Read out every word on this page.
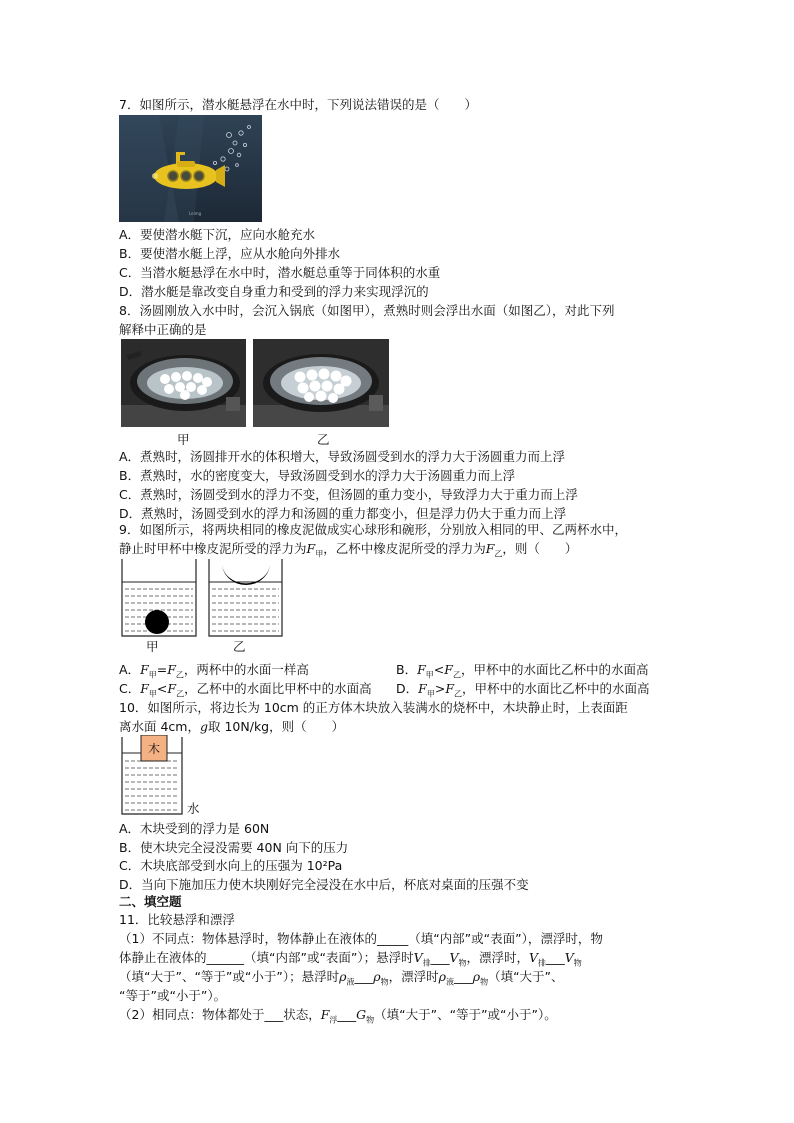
7．如图所示，潜水艇悬浮在水中时，下列说法错误的是（　　）
Leimg
A．要使潜水艇下沉，应向水舱充水
B．要使潜水艇上浮，应从水舱向外排水
C．当潜水艇悬浮在水中时，潜水艇总重等于同体积的水重
D．潜水艇是靠改变自身重力和受到的浮力来实现浮沉的
8．汤圆刚放入水中时，会沉入锅底（如图甲），煮熟时则会浮出水面（如图乙），对此下列
解释中正确的是
甲	乙
A．煮熟时，汤圆排开水的体积增大，导致汤圆受到水的浮力大于汤圆重力而上浮
B．煮熟时，水的密度变大，导致汤圆受到水的浮力大于汤圆重力而上浮
C．煮熟时，汤圆受到水的浮力不变，但汤圆的重力变小，导致浮力大于重力而上浮
D．煮熟时，汤圆受到水的浮力和汤圆的重力都变小，但是浮力仍大于重力而上浮
9．如图所示，将两块相同的橡皮泥做成实心球形和碗形，分别放入相同的甲、乙两杯水中，
静止时甲杯中橡皮泥所受的浮力为$F_甲$，乙杯中橡皮泥所受的浮力为$F_乙$，则（　　）
甲	乙
A．$F_甲=F_乙$，两杯中的水面一样高	B．$F_甲<F_乙$，甲杯中的水面比乙杯中的水面高
C．$F_甲<F_乙$，乙杯中的水面比甲杯中的水面高 D．$F_甲>F_乙$，甲杯中的水面比乙杯中的水面高
10．如图所示，将边长为 10cm 的正方体木块放入装满水的烧杯中，木块静止时，上表面距
离水面 4cm，g取 10N/kg，则（　　）
木
水
A．木块受到的浮力是 60N
B．使木块完全浸没需要 40N 向下的压力
C．木块底部受到水向上的压强为 10²Pa
D．当向下施加压力使木块刚好完全浸没在水中后，杯底对桌面的压强不变
二、填空题
11．比较悬浮和漂浮
（1）不同点：物体悬浮时，物体静止在液体的_____（填“内部”或“表面”），漂浮时，物
体静止在液体的______（填“内部”或“表面”）；悬浮时$V_排\_\_\_V_物$，漂浮时，$V_排\_\_\_V_物$
（填“大于”、“等于”或“小于”）；悬浮时$\rho_液\_\_\_\rho_物$，漂浮时$\rho_液\_\_\_\rho_物$（填“大于”、
“等于”或“小于”）。
（2）相同点：物体都处于___状态，$F_浮\_\_\_G_物$（填“大于”、“等于”或“小于”）。
